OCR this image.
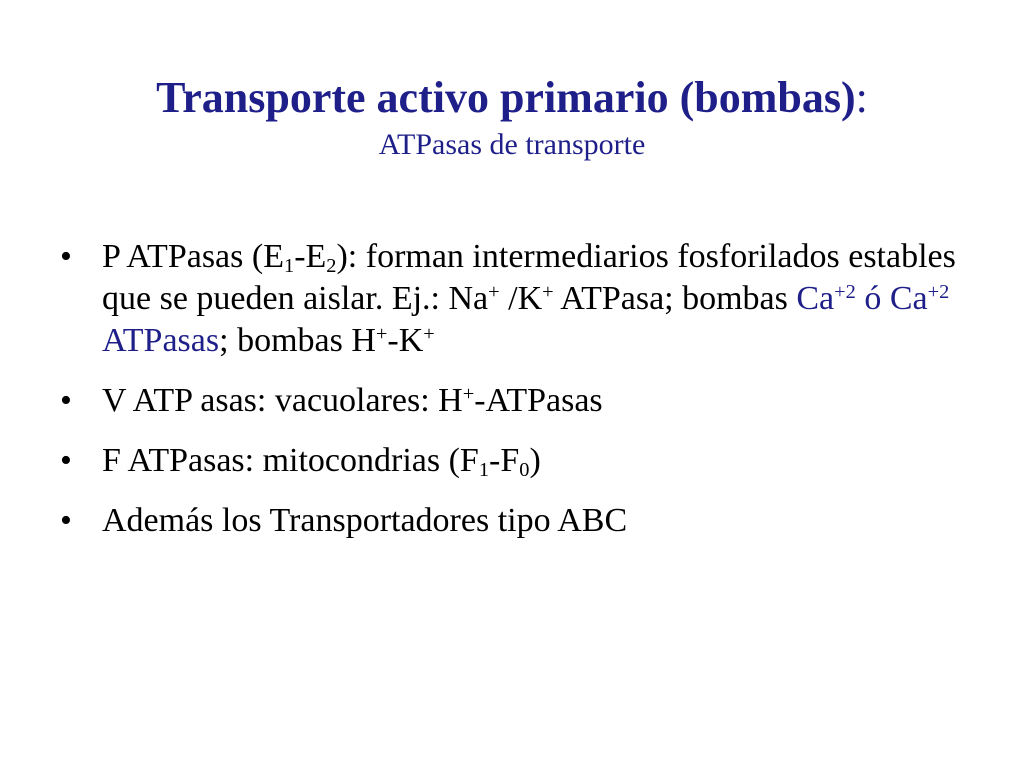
Transporte activo primario (bombas):

ATPasas de transporte

• P ATPasas $(E_1-E_2)$: forman intermediarios fosforilados estables que se pueden aislar. Ej.: Na+ /K+ ATPasa; bombas $Ca^{+2}$ ó $Ca^{+2}$ ATPasas; bombas H+-K+
• V ATP asas: vacuolares: H+-ATPasas
• F ATPasas: mitocondrias $(F_1-F_0)$
• Además los Transportadores tipo ABC
